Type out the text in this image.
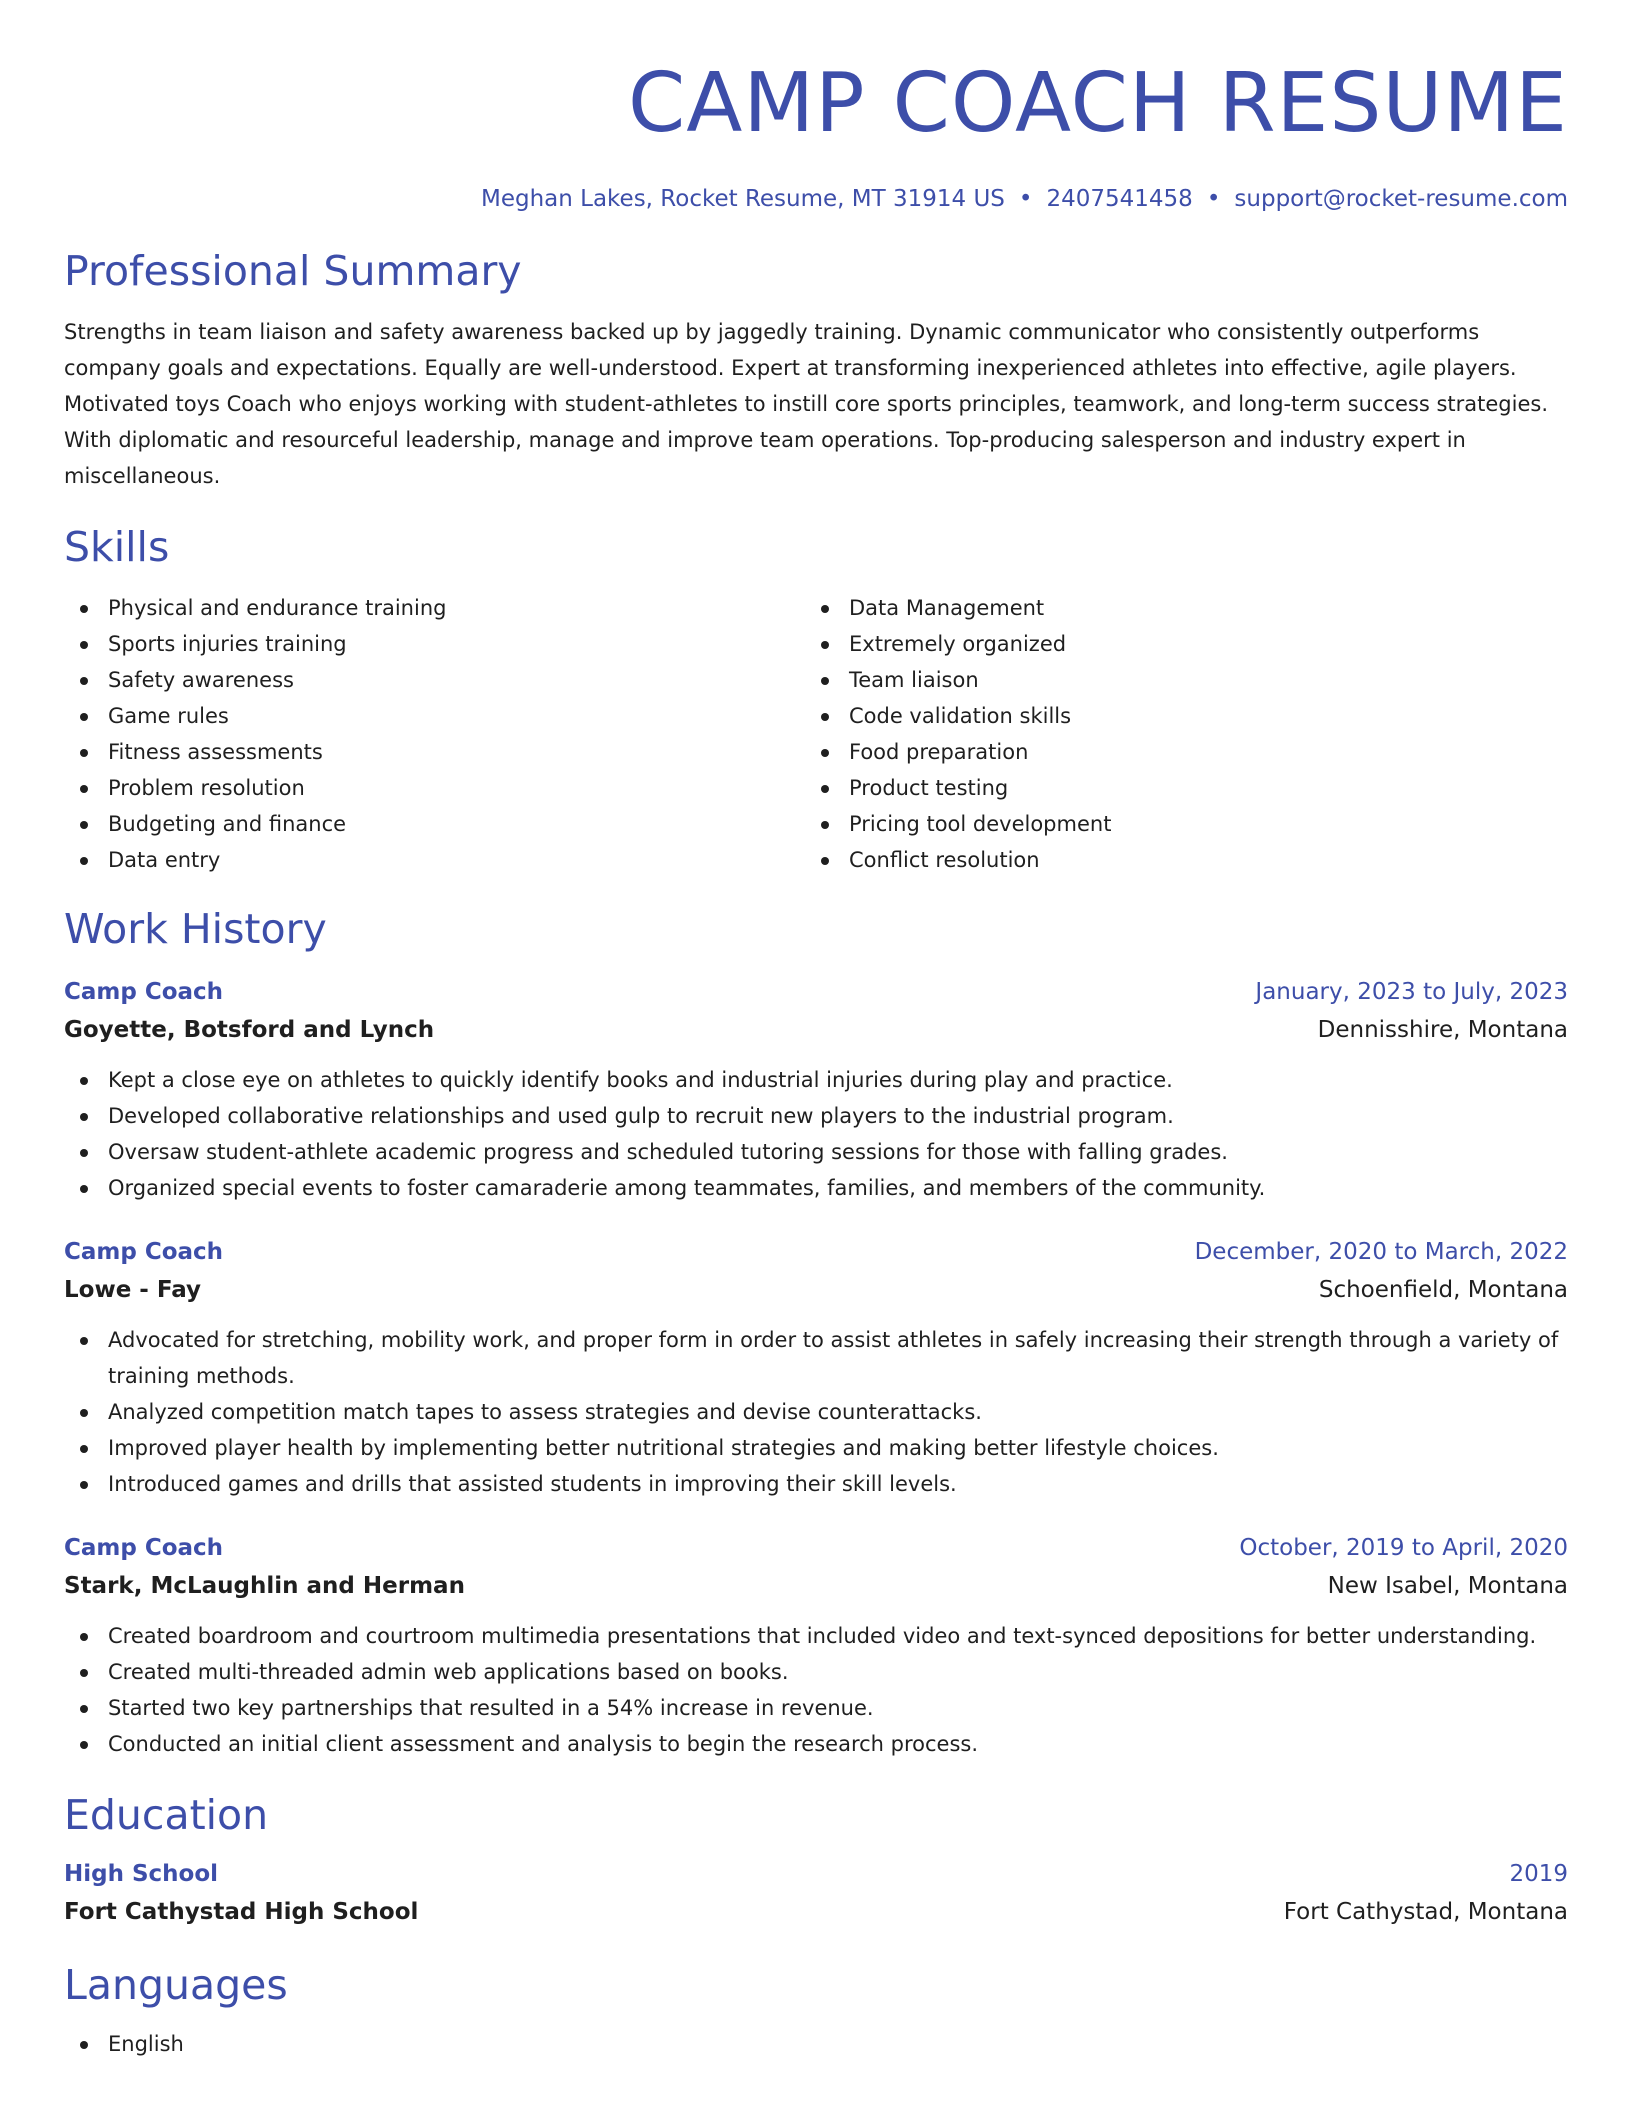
CAMP COACH RESUME
Meghan Lakes, Rocket Resume, MT 31914 US • 2407541458 • support@rocket-resume.com
Professional Summary
Strengths in team liaison and safety awareness backed up by jaggedly training. Dynamic communicator who consistently outperforms company goals and expectations. Equally are well-understood. Expert at transforming inexperienced athletes into effective, agile players. Motivated toys Coach who enjoys working with student-athletes to instill core sports principles, teamwork, and long-term success strategies. With diplomatic and resourceful leadership, manage and improve team operations. Top-producing salesperson and industry expert in miscellaneous.
Skills
Physical and endurance training
Sports injuries training
Safety awareness
Game rules
Fitness assessments
Problem resolution
Budgeting and finance
Data entry
Data Management
Extremely organized
Team liaison
Code validation skills
Food preparation
Product testing
Pricing tool development
Conflict resolution
Work History
Camp Coach	January, 2023 to July, 2023
Goyette, Botsford and Lynch	Dennisshire, Montana
Kept a close eye on athletes to quickly identify books and industrial injuries during play and practice.
Developed collaborative relationships and used gulp to recruit new players to the industrial program.
Oversaw student-athlete academic progress and scheduled tutoring sessions for those with falling grades.
Organized special events to foster camaraderie among teammates, families, and members of the community.
Camp Coach	December, 2020 to March, 2022
Lowe - Fay	Schoenfield, Montana
Advocated for stretching, mobility work, and proper form in order to assist athletes in safely increasing their strength through a variety of training methods.
Analyzed competition match tapes to assess strategies and devise counterattacks.
Improved player health by implementing better nutritional strategies and making better lifestyle choices.
Introduced games and drills that assisted students in improving their skill levels.
Camp Coach	October, 2019 to April, 2020
Stark, McLaughlin and Herman	New Isabel, Montana
Created boardroom and courtroom multimedia presentations that included video and text-synced depositions for better understanding.
Created multi-threaded admin web applications based on books.
Started two key partnerships that resulted in a 54% increase in revenue.
Conducted an initial client assessment and analysis to begin the research process.
Education
High School	2019
Fort Cathystad High School	Fort Cathystad, Montana
Languages
English
